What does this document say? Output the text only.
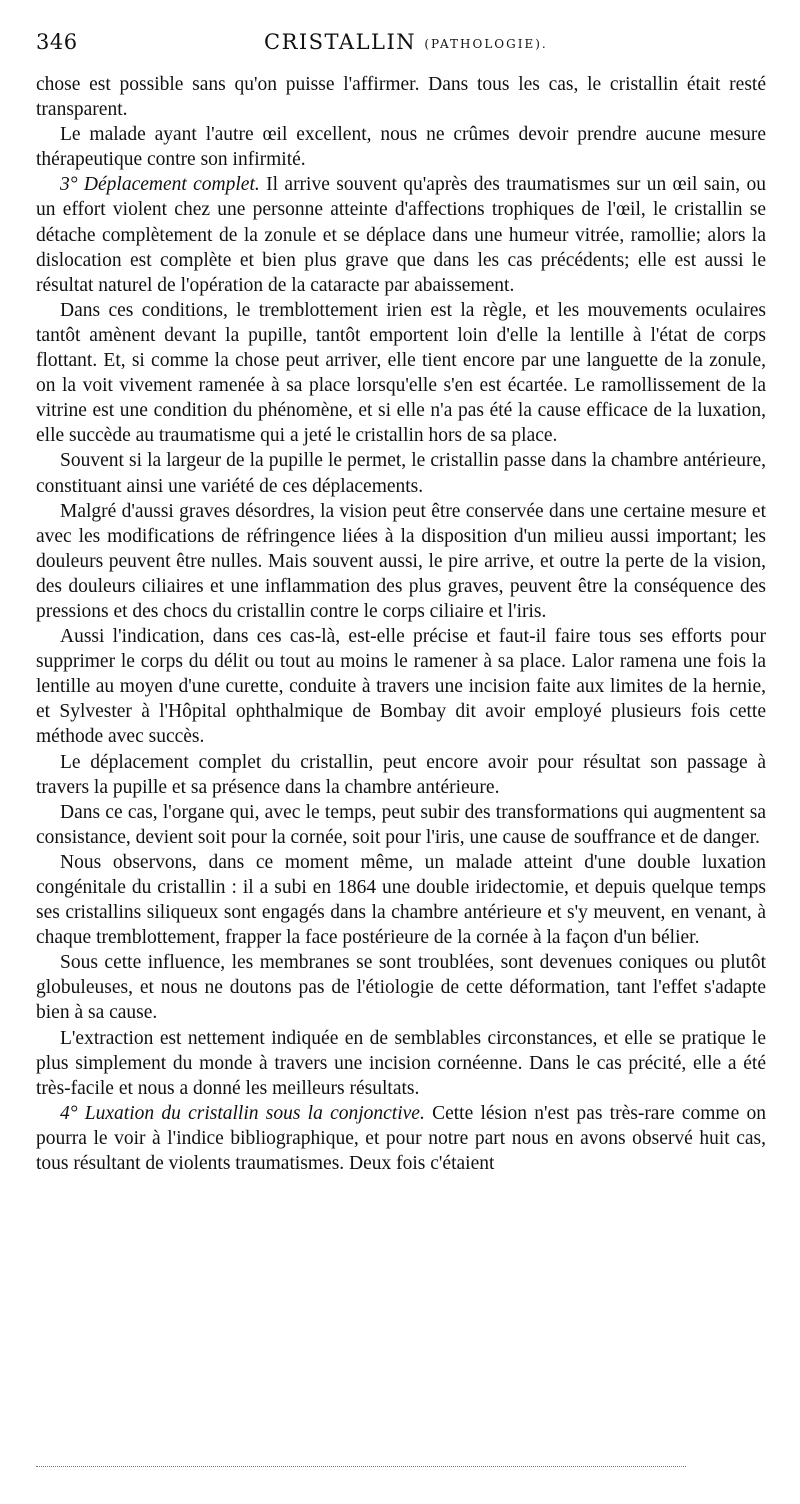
346	CRISTALLIN (PATHOLOGIE).

chose est possible sans qu'on puisse l'affirmer. Dans tous les cas, le cristallin était resté transparent.

Le malade ayant l'autre œil excellent, nous ne crûmes devoir prendre aucune mesure thérapeutique contre son infirmité.

3° Déplacement complet. Il arrive souvent qu'après des traumatismes sur un œil sain, ou un effort violent chez une personne atteinte d'affections trophiques de l'œil, le cristallin se détache complètement de la zonule et se déplace dans une humeur vitrée, ramollie; alors la dislocation est complète et bien plus grave que dans les cas précédents; elle est aussi le résultat naturel de l'opération de la cataracte par abaissement.

Dans ces conditions, le tremblottement irien est la règle, et les mouvements oculaires tantôt amènent devant la pupille, tantôt emportent loin d'elle la lentille à l'état de corps flottant. Et, si comme la chose peut arriver, elle tient encore par une languette de la zonule, on la voit vivement ramenée à sa place lorsqu'elle s'en est écartée. Le ramollissement de la vitrine est une condition du phénomène, et si elle n'a pas été la cause efficace de la luxation, elle succède au traumatisme qui a jeté le cristallin hors de sa place.

Souvent si la largeur de la pupille le permet, le cristallin passe dans la chambre antérieure, constituant ainsi une variété de ces déplacements.

Malgré d'aussi graves désordres, la vision peut être conservée dans une certaine mesure et avec les modifications de réfringence liées à la disposition d'un milieu aussi important; les douleurs peuvent être nulles. Mais souvent aussi, le pire arrive, et outre la perte de la vision, des douleurs ciliaires et une inflammation des plus graves, peuvent être la conséquence des pressions et des chocs du cristallin contre le corps ciliaire et l'iris.

Aussi l'indication, dans ces cas-là, est-elle précise et faut-il faire tous ses efforts pour supprimer le corps du délit ou tout au moins le ramener à sa place. Lalor ramena une fois la lentille au moyen d'une curette, conduite à travers une incision faite aux limites de la hernie, et Sylvester à l'Hôpital ophthalmique de Bombay dit avoir employé plusieurs fois cette méthode avec succès.

Le déplacement complet du cristallin, peut encore avoir pour résultat son passage à travers la pupille et sa présence dans la chambre antérieure.

Dans ce cas, l'organe qui, avec le temps, peut subir des transformations qui augmentent sa consistance, devient soit pour la cornée, soit pour l'iris, une cause de souffrance et de danger.

Nous observons, dans ce moment même, un malade atteint d'une double luxation congénitale du cristallin : il a subi en 1864 une double iridectomie, et depuis quelque temps ses cristallins siliqueux sont engagés dans la chambre antérieure et s'y meuvent, en venant, à chaque tremblottement, frapper la face postérieure de la cornée à la façon d'un bélier.

Sous cette influence, les membranes se sont troublées, sont devenues coniques ou plutôt globuleuses, et nous ne doutons pas de l'étiologie de cette déformation, tant l'effet s'adapte bien à sa cause.

L'extraction est nettement indiquée en de semblables circonstances, et elle se pratique le plus simplement du monde à travers une incision cornéenne. Dans le cas précité, elle a été très-facile et nous a donné les meilleurs résultats.

4° Luxation du cristallin sous la conjonctive. Cette lésion n'est pas très-rare comme on pourra le voir à l'indice bibliographique, et pour notre part nous en avons observé huit cas, tous résultant de violents traumatismes. Deux fois c'étaient
